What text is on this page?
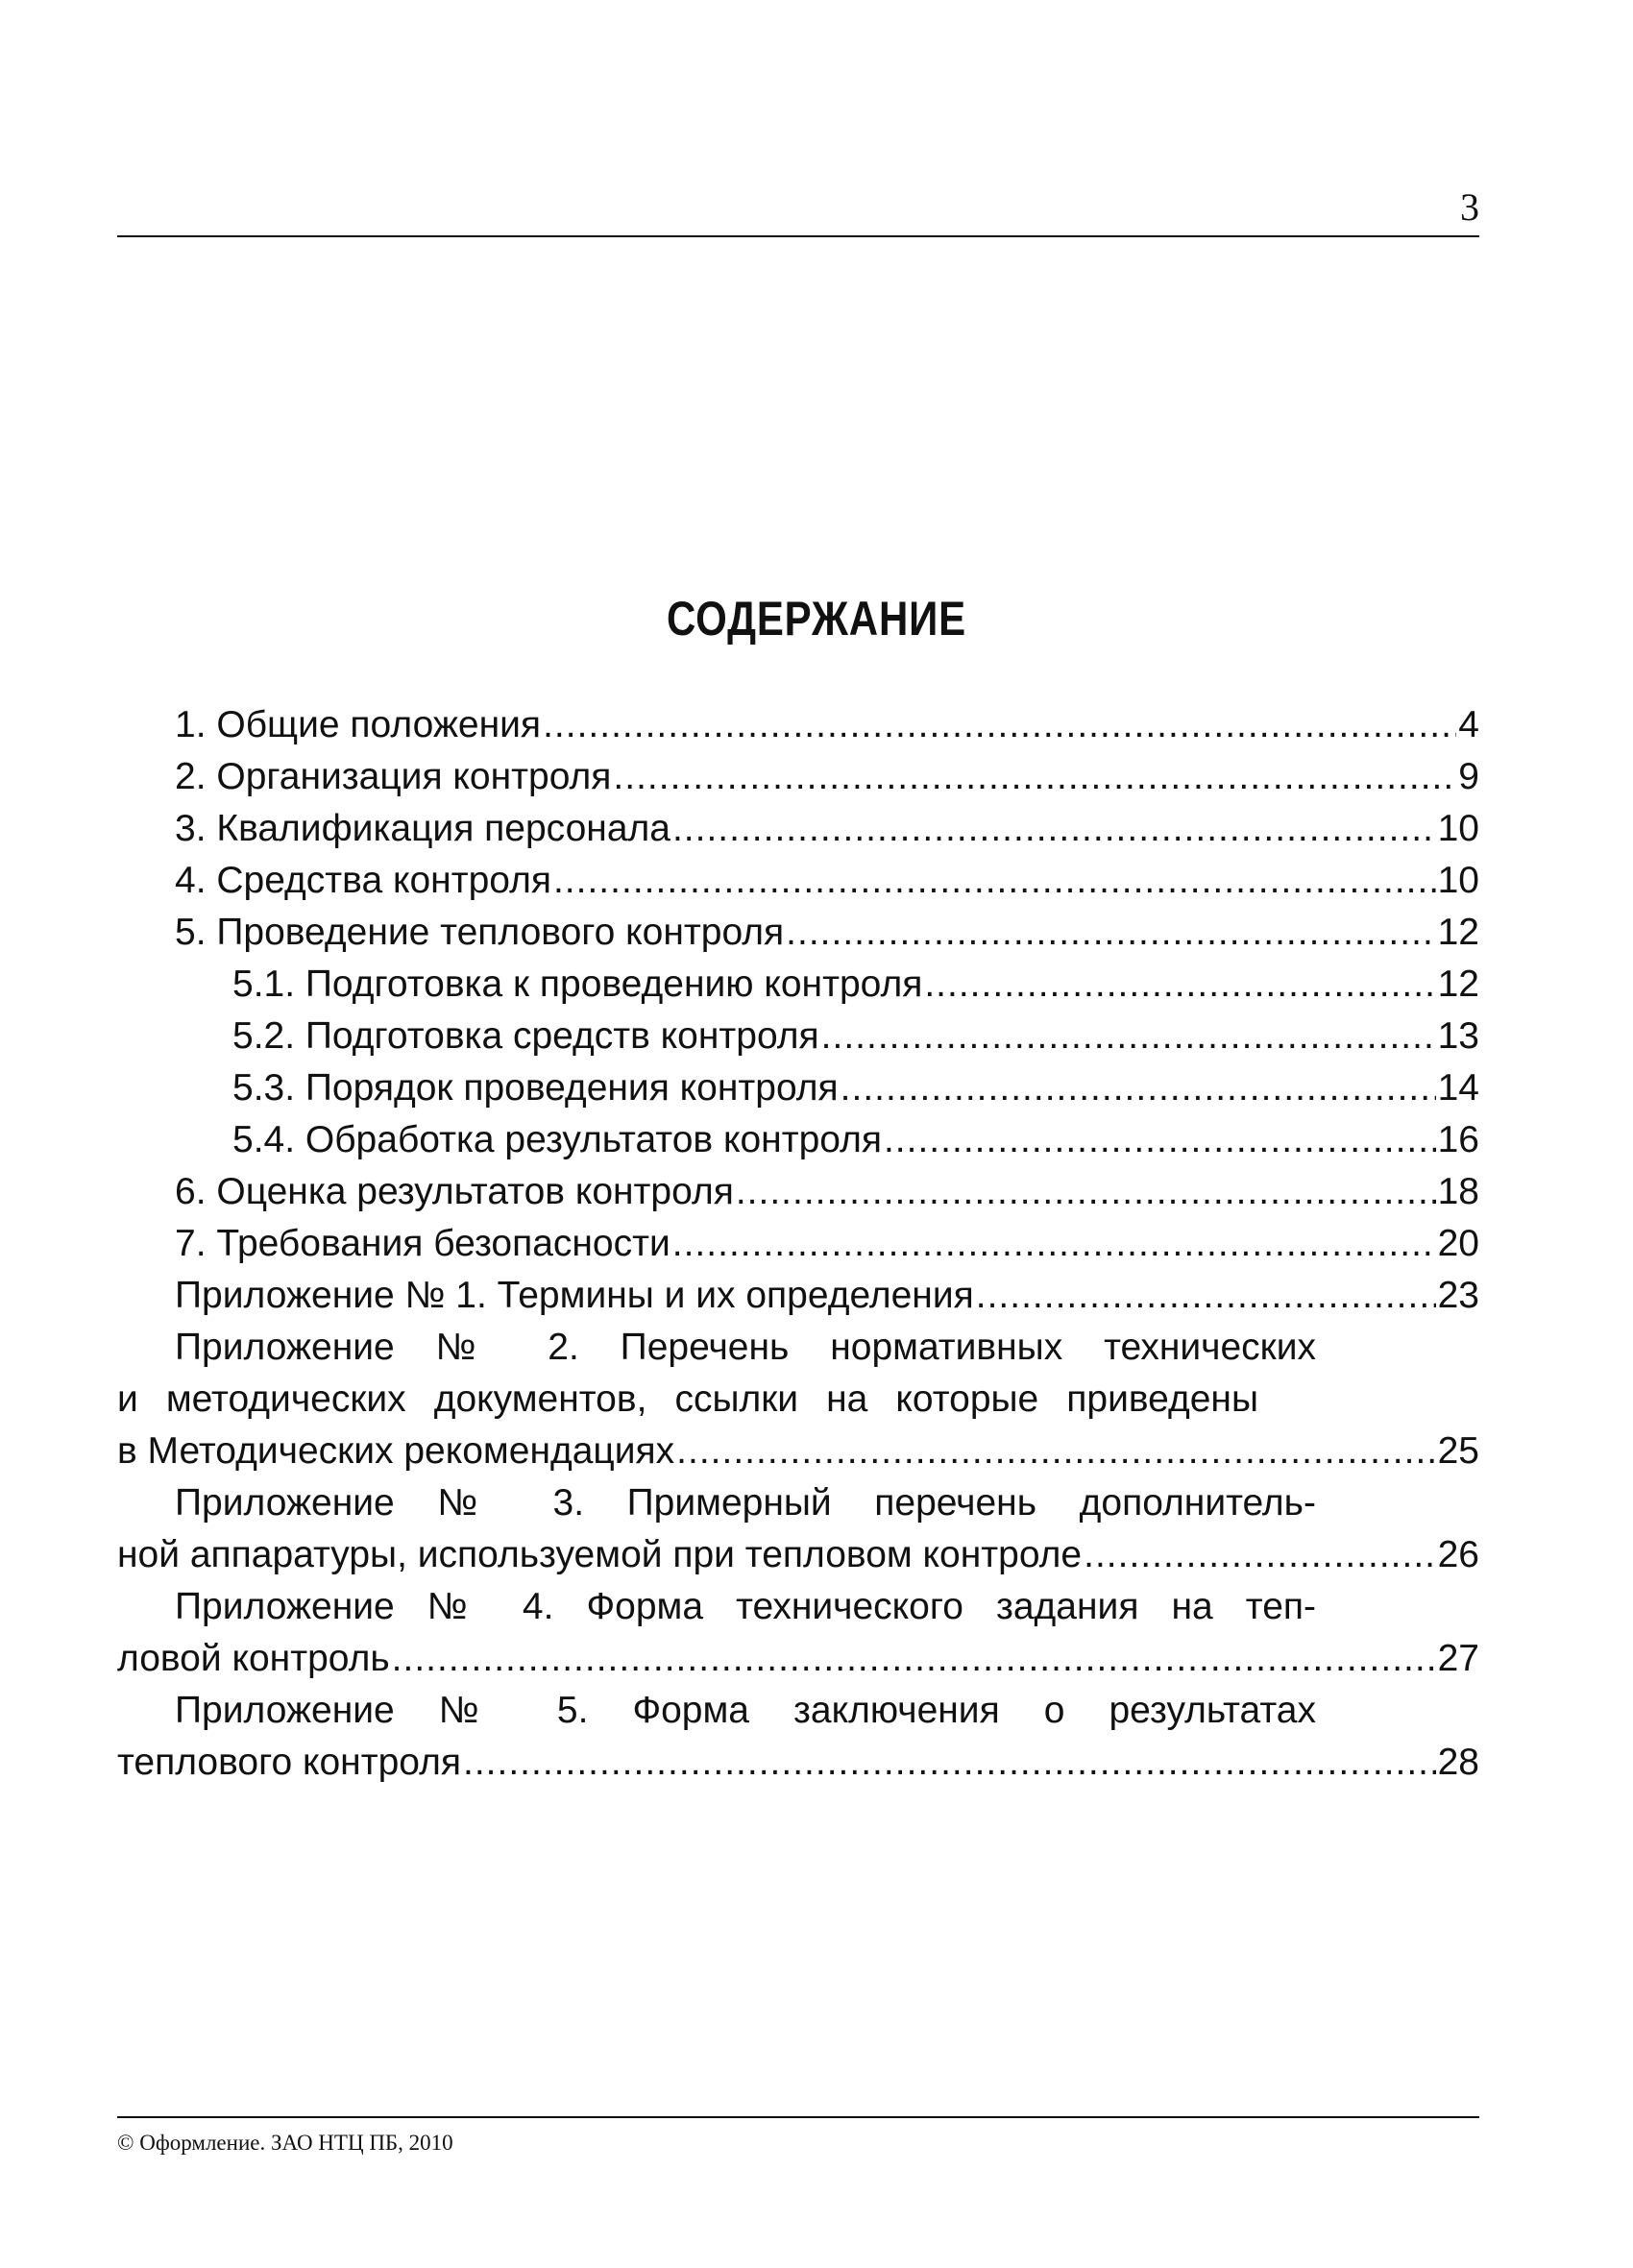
3
СОДЕРЖАНИЕ
1. Общие положения .....	4
2. Организация контроля .....	9
3. Квалификация персонала .....	10
4. Средства контроля .....	10
5. Проведение теплового контроля .....	12
5.1. Подготовка к проведению контроля .....	12
5.2. Подготовка средств контроля .....	13
5.3. Порядок проведения контроля .....	14
5.4. Обработка результатов контроля .....	16
6. Оценка результатов контроля .....	18
7. Требования безопасности .....	20
Приложение № 1. Термины и их определения .....	23
Приложение № 2. Перечень нормативных технических
и методических документов, ссылки на которые приведены
в Методических рекомендациях .....	25
Приложение № 3. Примерный перечень дополнитель-
ной аппаратуры, используемой при тепловом контроле .....	26
Приложение № 4. Форма технического задания на теп-
ловой контроль .....	27
Приложение № 5. Форма заключения о результатах
теплового контроля .....	28
© Оформление. ЗАО НТЦ ПБ, 2010
